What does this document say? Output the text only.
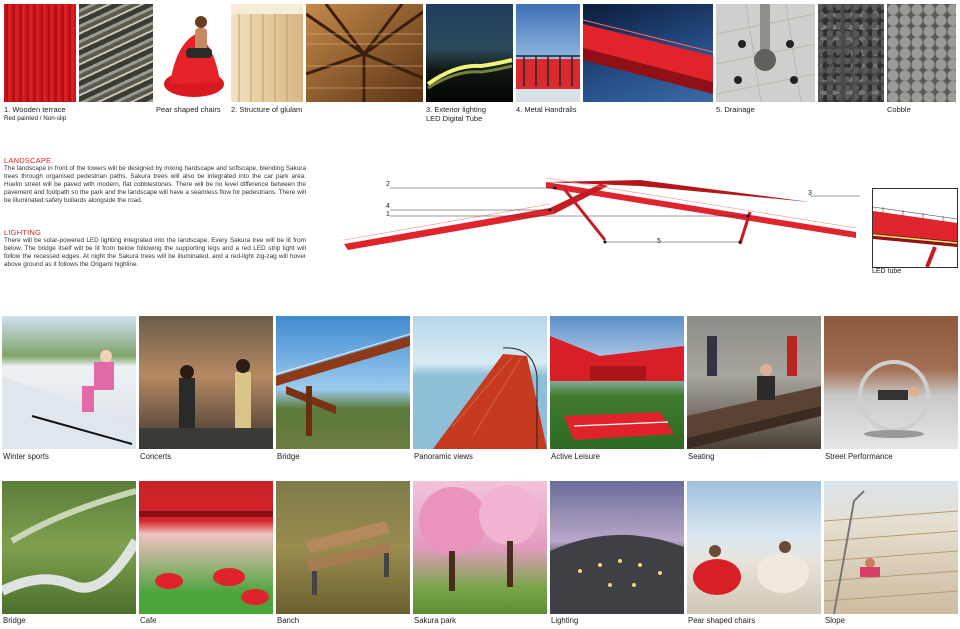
1. Wooden terrace
Red painted / Non-slip
Pear shaped chairs 2. Structure of glulam	3. Exterior lighting
LED Digital Tube
4. Metal Handrails	5. Drainage	Cobble
LANDSCAPE
The landscape in front of the towers will be designed by mixing hardscape and softscape, blending Sakura trees through organised pedestrian paths. Sakura trees will also be integrated into the car park area. Huelin street will be paved with modern, flat cobblestones. There will be no level difference between the pavement and footpath so the park and the landscape will have a seamless flow for pedestrians. There will be illuminated safety bollards alongside the road.
LIGHTING
There will be solar-powered LED lighting integrated into the landscape. Every Sakura tree will be lit from below. The bridge itself will be lit from below following the supporting legs and a red LED strip light will follow the recessed edges. At night the Sakura trees will be illuminated, and a red-light zig-zag will hover above ground as it follows the Origami highline.
2
4
1
3
5
LED tube
Winter sports	Concerts	Bridge	Panoramic views	Active Leisure	Seating	Street Performance
Bridge	Cafe	Banch	Sakura park	Lighting	Pear shaped chairs	Slope
